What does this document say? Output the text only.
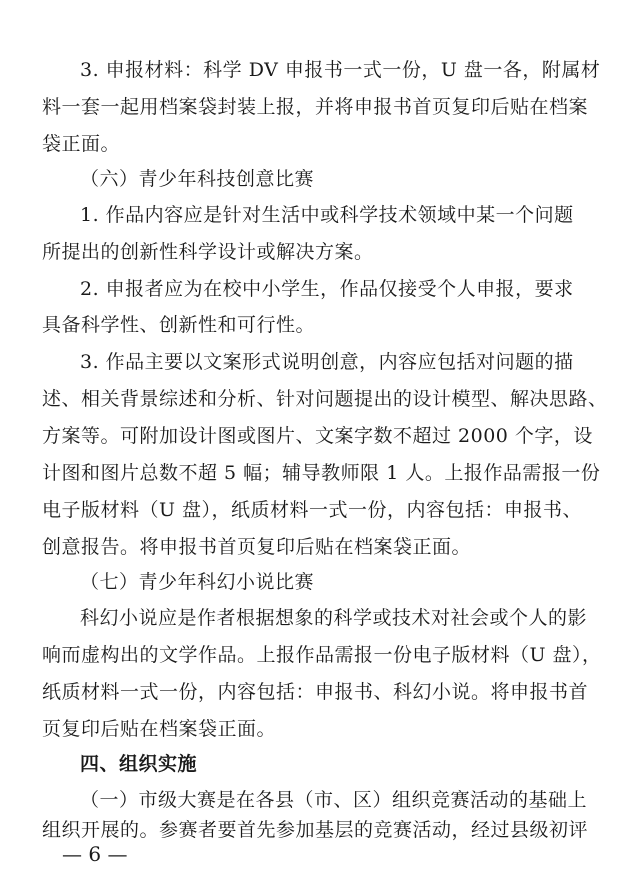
3. 申报材料：科学 DV 申报书一式一份，U 盘一各，附属材
料一套一起用档案袋封装上报，并将申报书首页复印后贴在档案
袋正面。
（六）青少年科技创意比赛
1. 作品内容应是针对生活中或科学技术领域中某一个问题
所提出的创新性科学设计或解决方案。
2. 申报者应为在校中小学生，作品仅接受个人申报，要求
具备科学性、创新性和可行性。
3. 作品主要以文案形式说明创意，内容应包括对问题的描
述、相关背景综述和分析、针对问题提出的设计模型、解决思路、
方案等。可附加设计图或图片、文案字数不超过 2000 个字，设
计图和图片总数不超 5 幅；辅导教师限 1 人。上报作品需报一份
电子版材料（U 盘），纸质材料一式一份，内容包括：申报书、
创意报告。将申报书首页复印后贴在档案袋正面。
（七）青少年科幻小说比赛
科幻小说应是作者根据想象的科学或技术对社会或个人的影
响而虚构出的文学作品。上报作品需报一份电子版材料（U 盘），
纸质材料一式一份，内容包括：申报书、科幻小说。将申报书首
页复印后贴在档案袋正面。
四、组织实施
（一）市级大赛是在各县（市、区）组织竞赛活动的基础上
组织开展的。参赛者要首先参加基层的竞赛活动，经过县级初评
— 6 —
